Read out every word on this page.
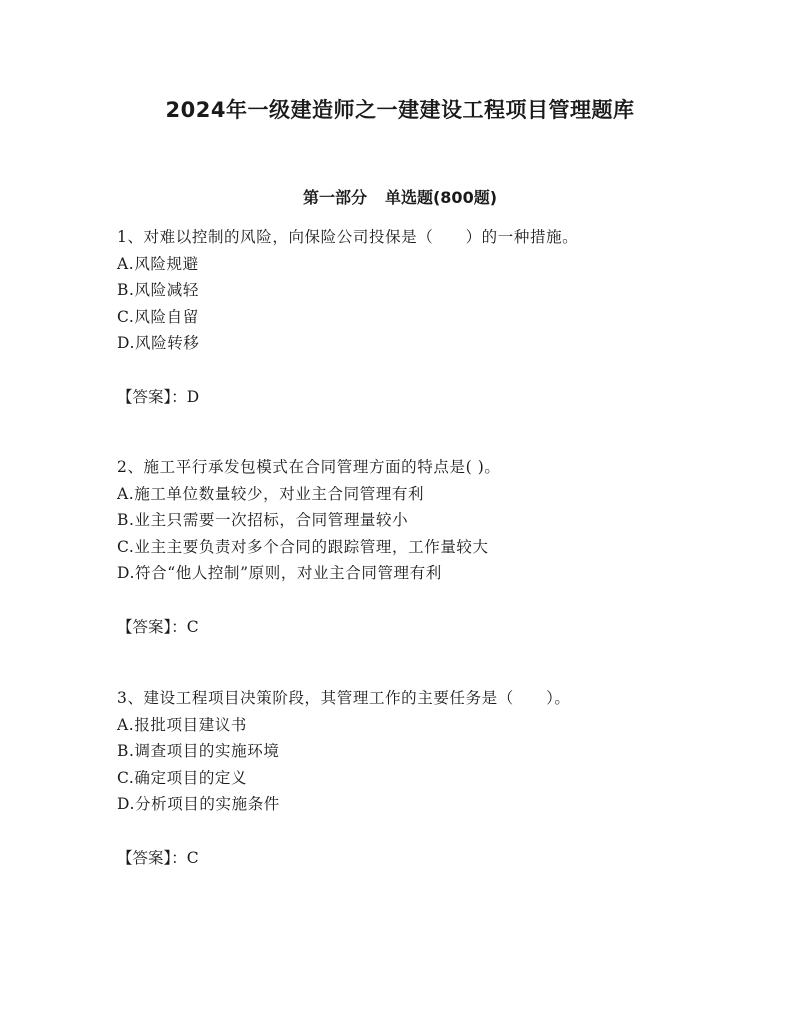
2024年一级建造师之一建建设工程项目管理题库
第一部分 单选题(800题)
1、对难以控制的风险，向保险公司投保是（　　）的一种措施。
A.风险规避
B.风险减轻
C.风险自留
D.风险转移
【答案】：D
2、施工平行承发包模式在合同管理方面的特点是( )。
A.施工单位数量较少，对业主合同管理有利
B.业主只需要一次招标，合同管理量较小
C.业主主要负责对多个合同的跟踪管理，工作量较大
D.符合“他人控制”原则，对业主合同管理有利
【答案】：C
3、建设工程项目决策阶段，其管理工作的主要任务是（　　）。
A.报批项目建议书
B.调查项目的实施环境
C.确定项目的定义
D.分析项目的实施条件
【答案】：C
